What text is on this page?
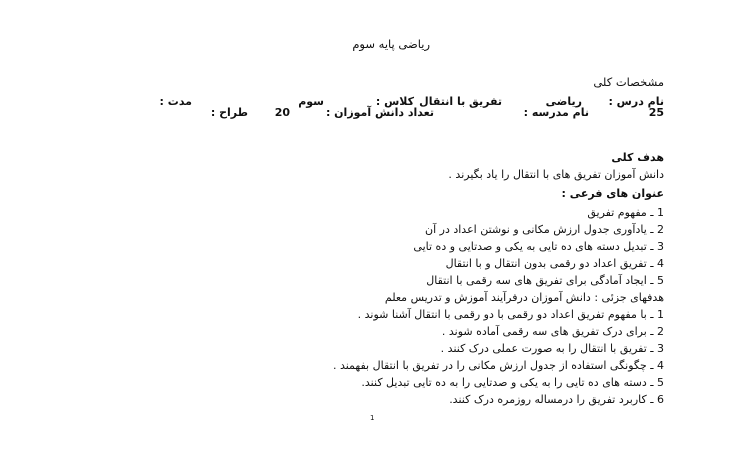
ریاضی پایه سوم
مشخصات کلی
نام درس :
ریاضی
تفریق با انتقال
کلاس :
سوم
مدت :
25
نام مدرسه :
تعداد دانش آموزان :
20
طراح :
هدف کلی
دانش آموزان تفریق های با انتقال را یاد بگیرند .
عنوان های فرعی :
1 ـ مفهوم تفریق
2 ـ یادآوری جدول ارزش مکانی و نوشتن اعداد در آن
3 ـ تبدیل دسته های ده تایی به یکی و صدتایی و ده تایی
4 ـ تفریق اعداد دو رقمی بدون انتقال و با انتقال
5 ـ ایجاد آمادگی برای تفریق های سه رقمی با انتقال
هدفهای جزئی : دانش آموزان درفرآیند آموزش و تدریس معلم
1 ـ با مفهوم تفریق اعداد دو رقمی با دو رقمی با انتقال آشنا شوند .
2 ـ برای درک تفریق های سه رقمی آماده شوند .
3 ـ تفریق با انتقال را به صورت عملی درک کنند .
4 ـ چگونگی استفاده از جدول ارزش مکانی را در تفریق با انتقال بفهمند .
5 ـ دسته های ده تایی را به یکی و صدتایی را به ده تایی تبدیل کنند.
6 ـ کاربرد تفریق را درمساله روزمره درک کنند.
1
